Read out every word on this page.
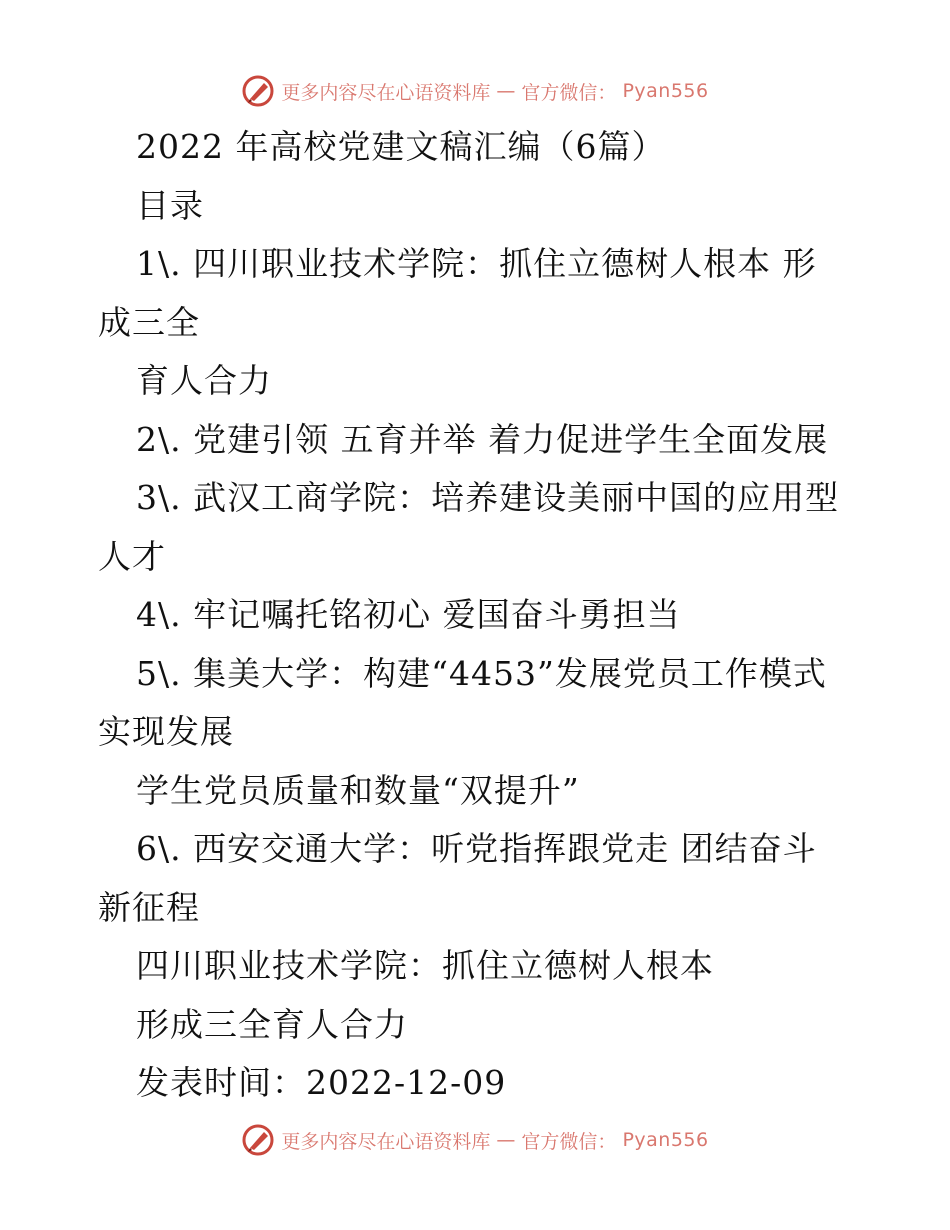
更多内容尽在心语资料库 — 官方微信： Pyan556
2022 年高校党建文稿汇编（6篇）
目录
1\. 四川职业技术学院：抓住立德树人根本 形
成三全
育人合力
2\. 党建引领 五育并举 着力促进学生全面发展
3\. 武汉工商学院：培养建设美丽中国的应用型
人才
4\. 牢记嘱托铭初心 爱国奋斗勇担当
5\. 集美大学：构建“4453”发展党员工作模式
实现发展
学生党员质量和数量“双提升”
6\. 西安交通大学：听党指挥跟党走 团结奋斗
新征程
四川职业技术学院：抓住立德树人根本
形成三全育人合力
发表时间：2022-12-09
更多内容尽在心语资料库 — 官方微信： Pyan556
